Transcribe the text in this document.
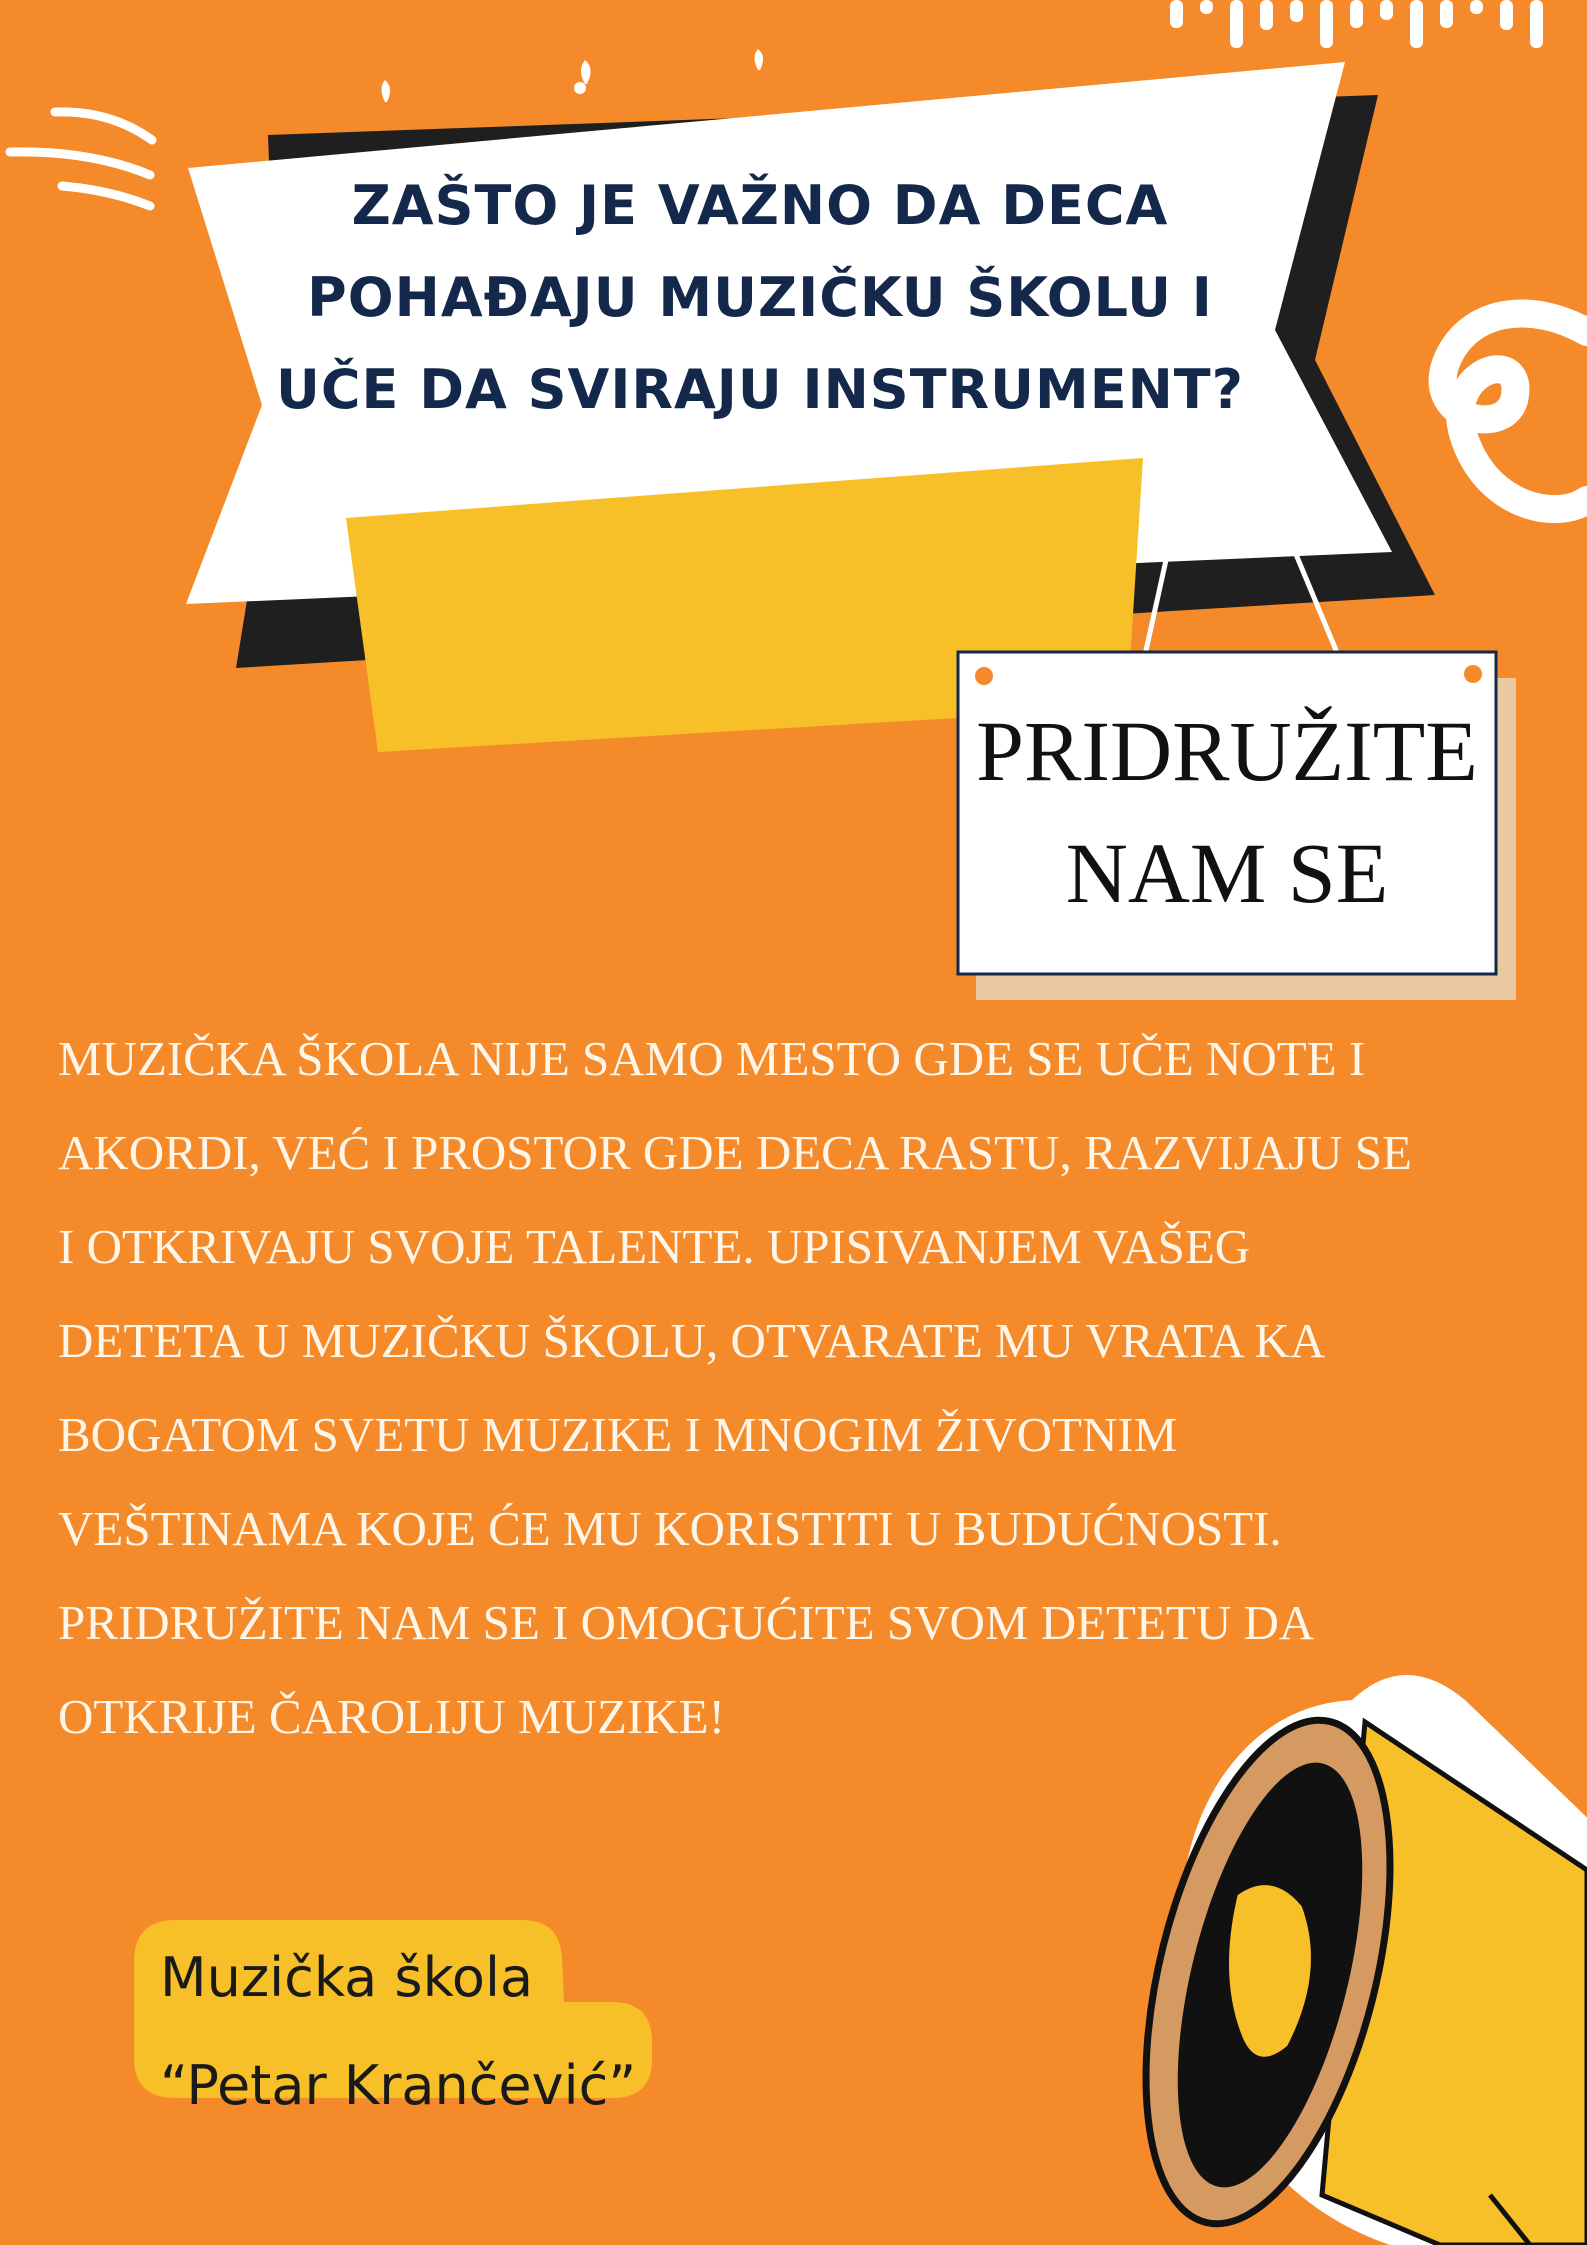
ZAŠTO JE VAŽNO DA DECA
POHAĐAJU MUZIČKU ŠKOLU I
UČE DA SVIRAJU INSTRUMENT?
PRIDRUŽITE
NAM SE

MUZIČKA ŠKOLA NIJE SAMO MESTO GDE SE UČE NOTE I
AKORDI, VEĆ I PROSTOR GDE DECA RASTU, RAZVIJAJU SE
I OTKRIVAJU SVOJE TALENTE. UPISIVANJEM VAŠEG
DETETA U MUZIČKU ŠKOLU, OTVARATE MU VRATA KA
BOGATOM SVETU MUZIKE I MNOGIM ŽIVOTNIM
VEŠTINAMA KOJE ĆE MU KORISTITI U BUDUĆNOSTI.
PRIDRUŽITE NAM SE I OMOGUĆITE SVOM DETETU DA
OTKRIJE ČAROLIJU MUZIKE!

Muzička škola
“Petar Krančević”
